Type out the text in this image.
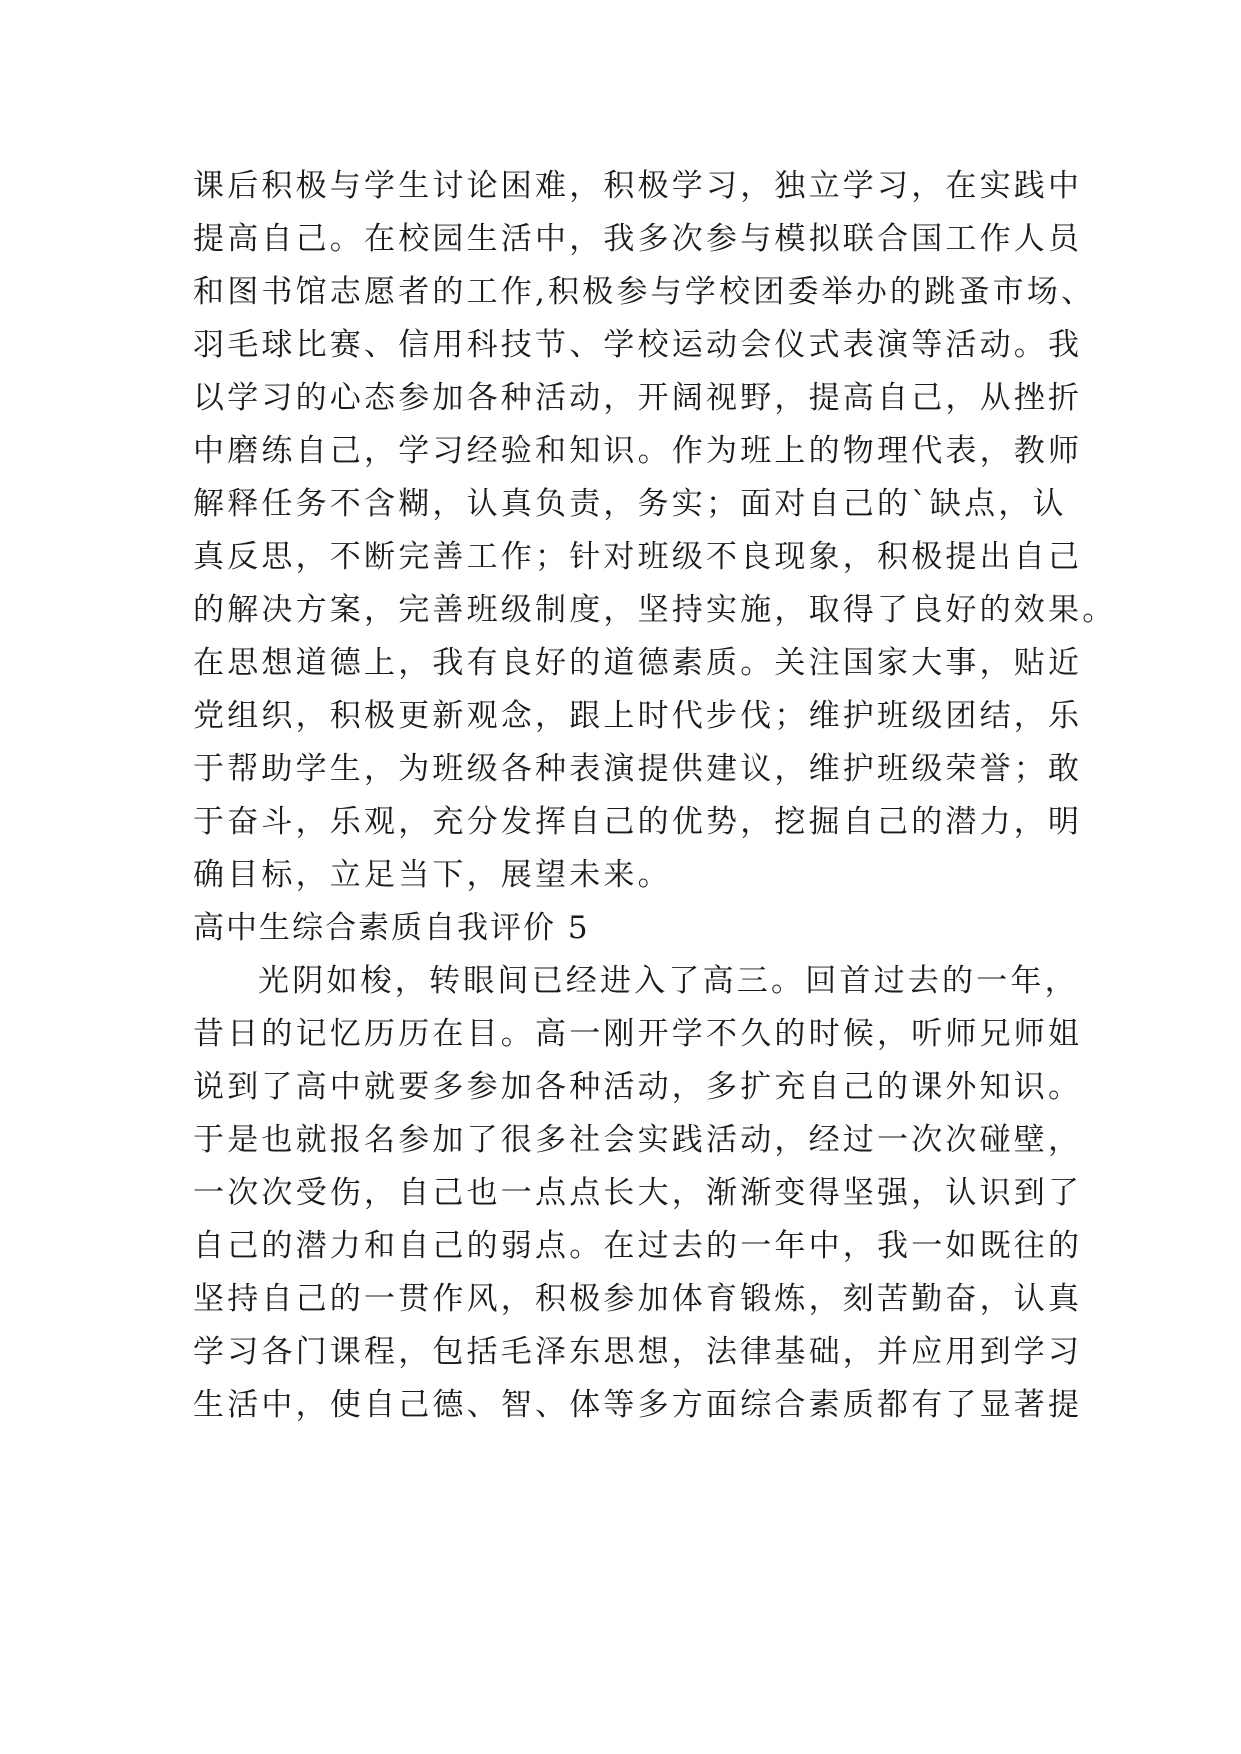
课后积极与学生讨论困难，积极学习，独立学习，在实践中
提高自己。在校园生活中，我多次参与模拟联合国工作人员
和图书馆志愿者的工作,积极参与学校团委举办的跳蚤市场、
羽毛球比赛、信用科技节、学校运动会仪式表演等活动。我
以学习的心态参加各种活动，开阔视野，提高自己，从挫折
中磨练自己，学习经验和知识。作为班上的物理代表，教师
解释任务不含糊，认真负责，务实；面对自己的`缺点，认
真反思，不断完善工作；针对班级不良现象，积极提出自己
的解决方案，完善班级制度，坚持实施，取得了良好的效果。
在思想道德上，我有良好的道德素质。关注国家大事，贴近
党组织，积极更新观念，跟上时代步伐；维护班级团结，乐
于帮助学生，为班级各种表演提供建议，维护班级荣誉；敢
于奋斗，乐观，充分发挥自己的优势，挖掘自己的潜力，明
确目标，立足当下，展望未来。
高中生综合素质自我评价 5
光阴如梭，转眼间已经进入了高三。回首过去的一年，
昔日的记忆历历在目。高一刚开学不久的时候，听师兄师姐
说到了高中就要多参加各种活动，多扩充自己的课外知识。
于是也就报名参加了很多社会实践活动，经过一次次碰壁，
一次次受伤，自己也一点点长大，渐渐变得坚强，认识到了
自己的潜力和自己的弱点。在过去的一年中，我一如既往的
坚持自己的一贯作风，积极参加体育锻炼，刻苦勤奋，认真
学习各门课程，包括毛泽东思想，法律基础，并应用到学习
生活中，使自己德、智、体等多方面综合素质都有了显著提
